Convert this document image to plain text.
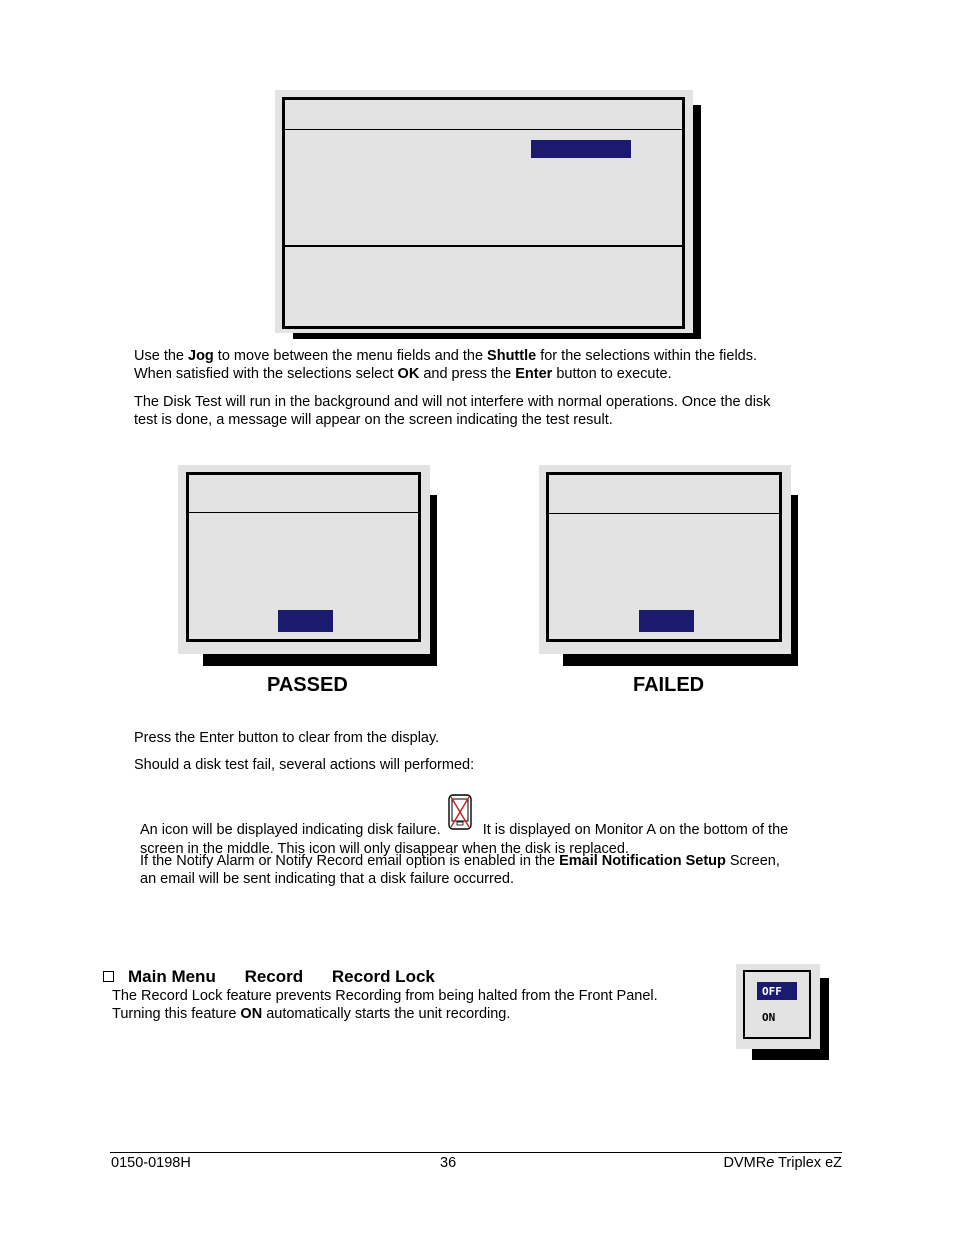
Use the Jog to move between the menu fields and the Shuttle for the selections within the fields.
When satisfied with the selections select OK and press the Enter button to execute.
The Disk Test will run in the background and will not interfere with normal operations. Once the disk
test is done, a message will appear on the screen indicating the test result.
PASSED	FAILED
Press the Enter button to clear from the display.
Should a disk test fail, several actions will performed:
An icon will be displayed indicating disk failure.	It is displayed on Monitor A on the bottom of the
screen in the middle. This icon will only disappear when the disk is replaced.
If the Notify Alarm or Notify Record email option is enabled in the Email Notification Setup Screen,
an email will be sent indicating that a disk failure occurred.
Main Menu Record Record Lock
The Record Lock feature prevents Recording from being halted from the Front Panel.
Turning this feature ON automatically starts the unit recording.
OFF
ON
0150-0198H	36	DVMRe Triplex eZ
